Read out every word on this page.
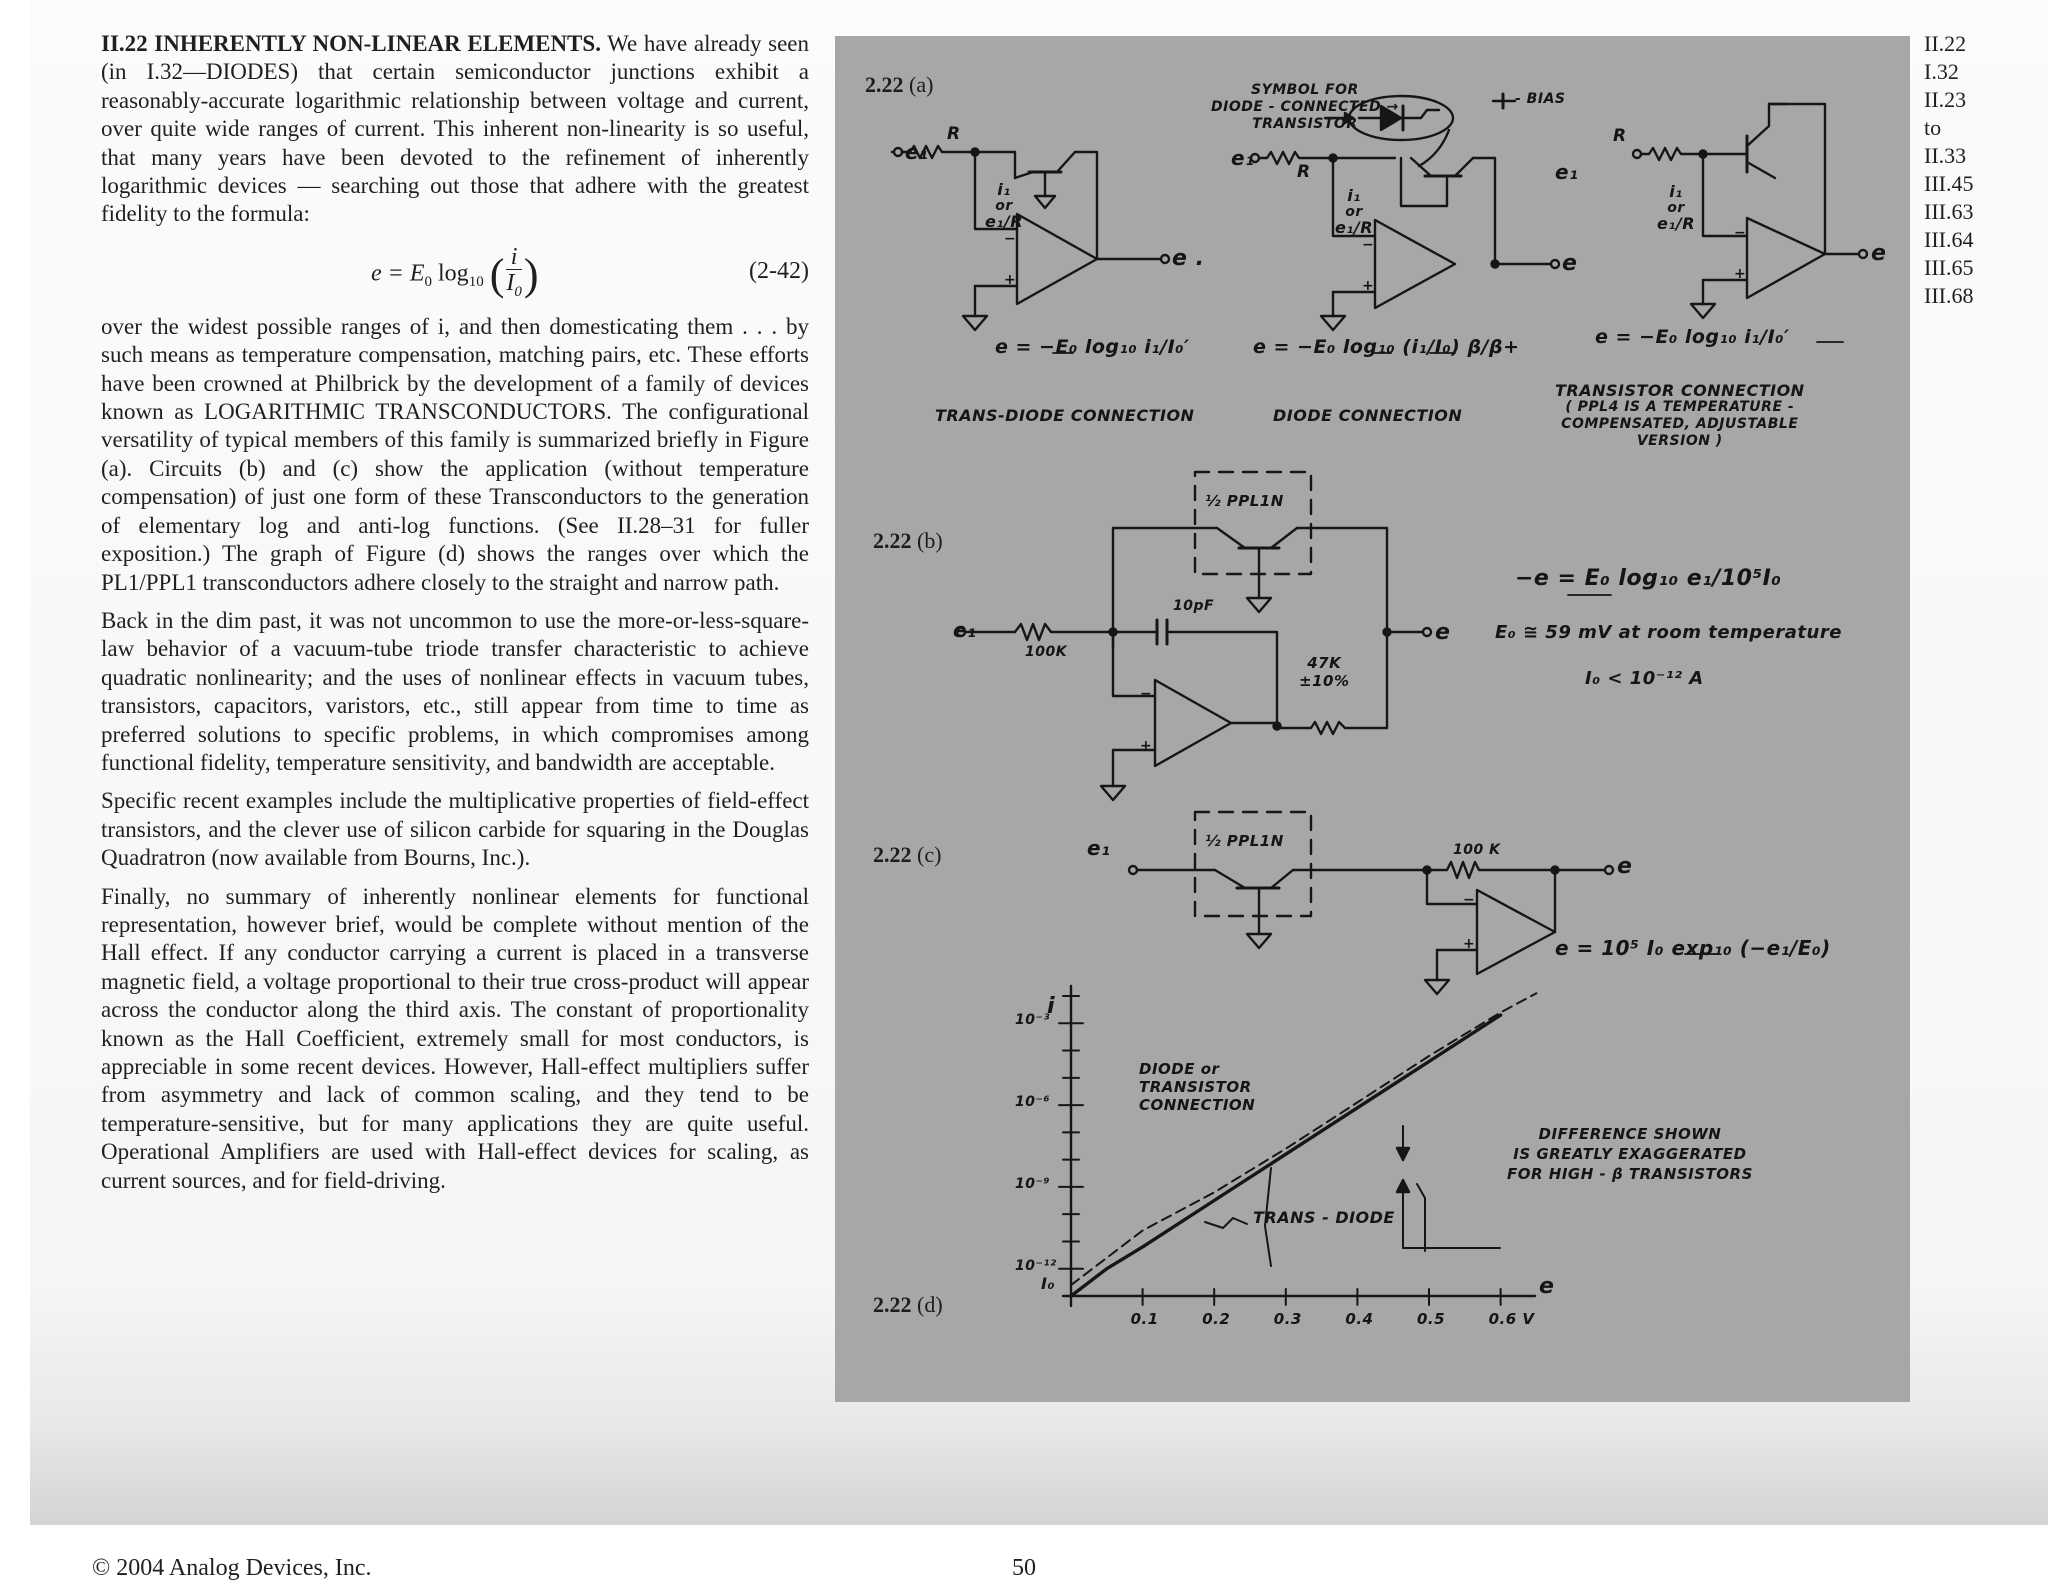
II.22 INHERENTLY NON-LINEAR ELEMENTS. We have already seen (in I.32—DIODES) that certain semiconductor junctions exhibit a reasonably-accurate logarithmic relationship between voltage and current, over quite wide ranges of current. This inherent non-linearity is so useful, that many years have been devoted to the refinement of inherently logarithmic devices — searching out those that adhere with the greatest fidelity to the formula:

$e = E_0$ $\log_{10}$ ( $\frac{i}{I_0}$ )	(2-42)

over the widest possible ranges of i, and then domesticating them . . . by such means as temperature compensation, matching pairs, etc. These efforts have been crowned at Philbrick by the development of a family of devices known as LOGARITHMIC TRANSCONDUCTORS. The configurational versatility of typical members of this family is summarized briefly in Figure (a). Circuits (b) and (c) show the application (without temperature compensation) of just one form of these Transconductors to the generation of elementary log and anti-log functions. (See II.28–31 for fuller exposition.) The graph of Figure (d) shows the ranges over which the PL1/PPL1 transconductors adhere closely to the straight and narrow path.

Back in the dim past, it was not uncommon to use the more-or-less-square-law behavior of a vacuum-tube triode transfer characteristic to achieve quadratic nonlinearity; and the uses of nonlinear effects in vacuum tubes, transistors, capacitors, varistors, etc., still appear from time to time as preferred solutions to specific problems, in which compromises among functional fidelity, temperature sensitivity, and bandwidth are acceptable.

Specific recent examples include the multiplicative properties of field-effect transistors, and the clever use of silicon carbide for squaring in the Douglas Quadratron (now available from Bourns, Inc.).

Finally, no summary of inherently nonlinear elements for functional representation, however brief, would be complete without mention of the Hall effect. If any conductor carrying a current is placed in a transverse magnetic field, a voltage proportional to their true cross-product will appear across the conductor along the third axis. The constant of proportionality known as the Hall Coefficient, extremely small for most conductors, is appreciable in some recent devices. However, Hall-effect multipliers suffer from asymmetry and lack of common scaling, and they tend to be temperature-sensitive, but for many applications they are quite useful. Operational Amplifiers are used with Hall-effect devices for scaling, as current sources, and for field-driving.

II.22
I.32
II.23
to
II.33
III.45
III.63
III.64
III.65
III.68
2.22 (a)
2.22 (b)
2.22 (c)
2.22 (d)
SYMBOL FOR
DIODE - CONNECTED →
TRANSISTOR
- BIAS
e₁
R
i₁
or
e₁/R
−
+
e .
e₁
R
i₁
or
e₁/R
−
+
e
e₁
R
i₁
or
e₁/R	−
+
e
e = −E₀ log₁₀ i₁/I₀′	e = −E₀ log₁₀ (i₁/I₀) β/β+	e = −E₀ log₁₀ i₁/I₀′
TRANS-DIODE CONNECTION	DIODE CONNECTION
TRANSISTOR CONNECTION
( PPL4 IS A TEMPERATURE -
COMPENSATED, ADJUSTABLE
VERSION )
½ PPL1N
10pF
e₁
100K
47K
±10%
−
+
e
−e = E₀ log₁₀ e₁/10⁵I₀
E₀ ≅ 59 mV at room temperature
I₀ < 10⁻¹² A
½ PPL1N	100 K
e₁
−
+
e
e = 10⁵ I₀ exp₁₀ (−e₁/E₀)
i
e
0.1	0.2	0.3	0.4	0.5	0.6 V
10⁻³
10⁻⁶
10⁻⁹
10⁻¹²
I₀
DIODE or
TRANSISTOR
CONNECTION
TRANS - DIODE
DIFFERENCE SHOWN
IS GREATLY EXAGGERATED
FOR HIGH - β TRANSISTORS
© 2004 Analog Devices, Inc.	50
